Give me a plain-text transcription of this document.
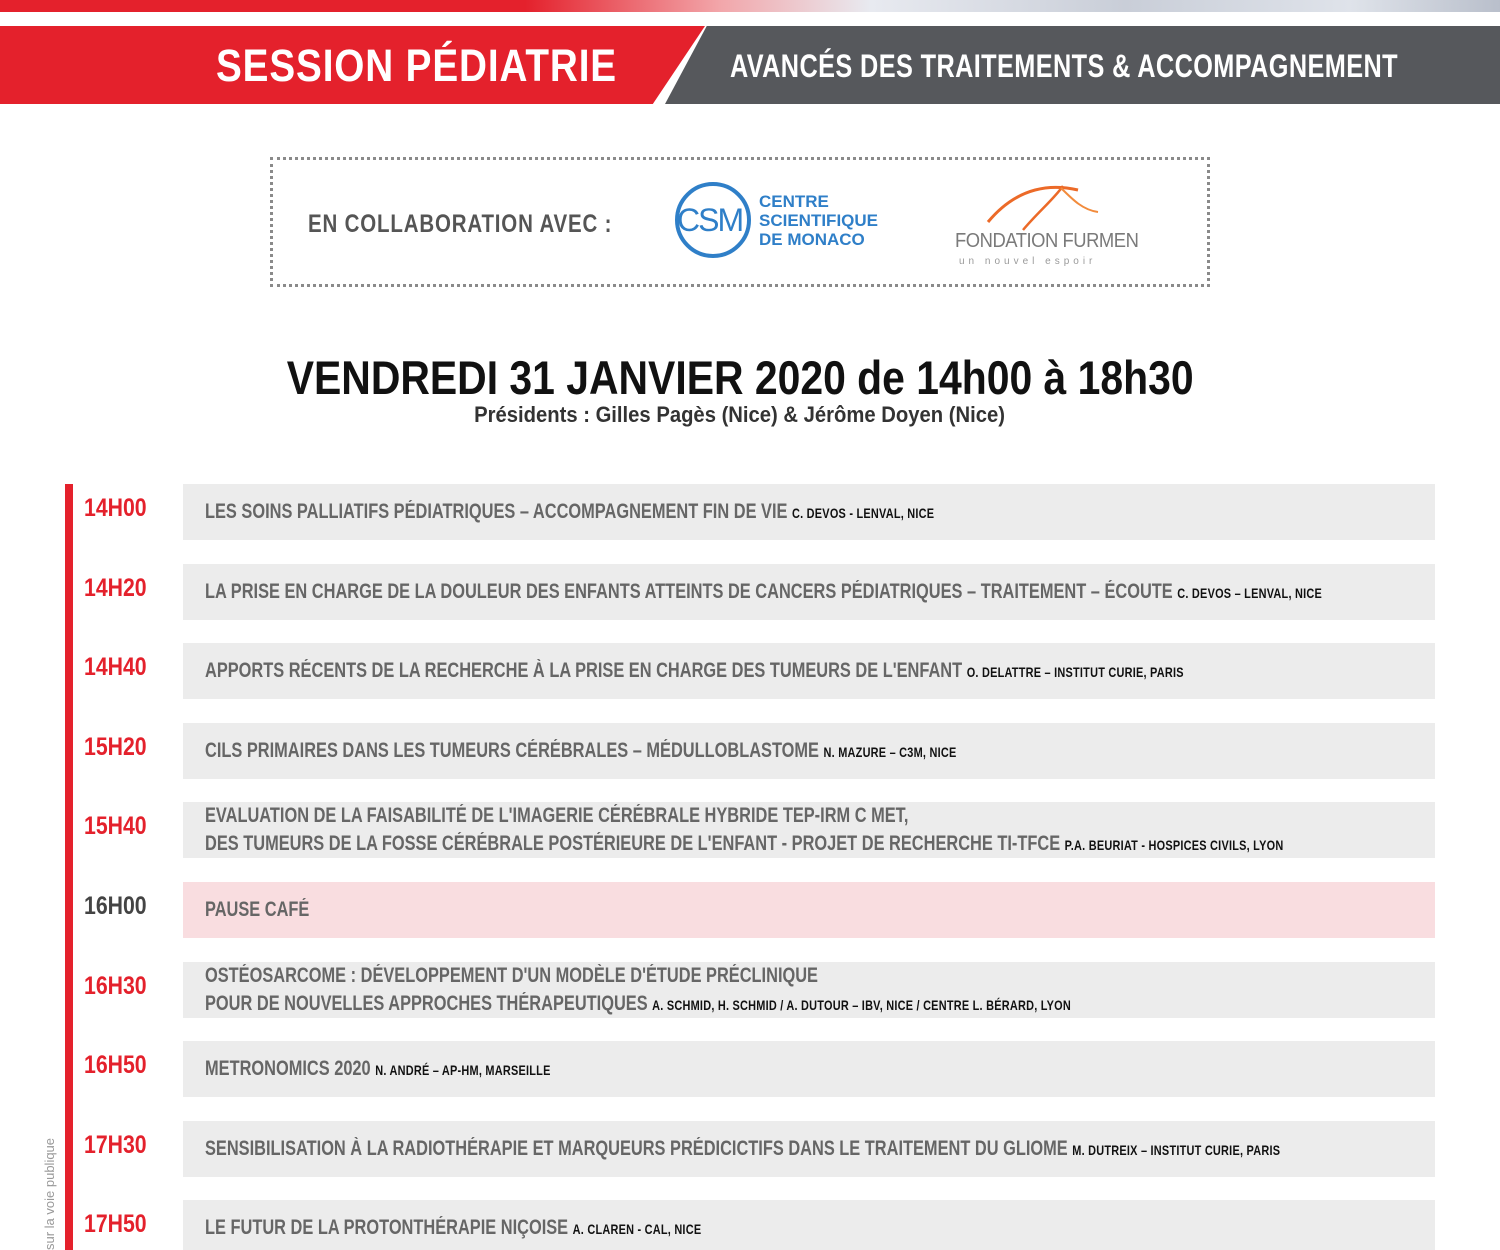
SESSION PÉDIATRIE	AVANCÉS DES TRAITEMENTS & ACCOMPAGNEMENT
EN COLLABORATION AVEC : CSM
CENTRE
SCIENTIFIQUE
DE MONACO	FONDATION FURMEN
un nouvel espoir
VENDREDI 31 JANVIER 2020 de 14h00 à 18h30
Présidents : Gilles Pagès (Nice) & Jérôme Doyen (Nice)
sur la voie publique
14H00	LES SOINS PALLIATIFS PÉDIATRIQUES – ACCOMPAGNEMENT FIN DE VIE C. DEVOS - LENVAL, NICE
14H20	LA PRISE EN CHARGE DE LA DOULEUR DES ENFANTS ATTEINTS DE CANCERS PÉDIATRIQUES – TRAITEMENT – ÉCOUTE C. DEVOS – LENVAL, NICE
14H40	APPORTS RÉCENTS DE LA RECHERCHE À LA PRISE EN CHARGE DES TUMEURS DE L'ENFANT O. DELATTRE – INSTITUT CURIE, PARIS
15H20	CILS PRIMAIRES DANS LES TUMEURS CÉRÉBRALES – MÉDULLOBLASTOME N. MAZURE – C3M, NICE
15H40	EVALUATION DE LA FAISABILITÉ DE L'IMAGERIE CÉRÉBRALE HYBRIDE TEP-IRM C MET,
DES TUMEURS DE LA FOSSE CÉRÉBRALE POSTÉRIEURE DE L'ENFANT - PROJET DE RECHERCHE TI-TFCE P.A. BEURIAT - HOSPICES CIVILS, LYON
16H00	PAUSE CAFÉ
16H30	OSTÉOSARCOME : DÉVELOPPEMENT D'UN MODÈLE D'ÉTUDE PRÉCLINIQUE
POUR DE NOUVELLES APPROCHES THÉRAPEUTIQUES A. SCHMID, H. SCHMID / A. DUTOUR – IBV, NICE / CENTRE L. BÉRARD, LYON
16H50	METRONOMICS 2020 N. ANDRÉ – AP-HM, MARSEILLE
17H30	SENSIBILISATION À LA RADIOTHÉRAPIE ET MARQUEURS PRÉDICICTIFS DANS LE TRAITEMENT DU GLIOME M. DUTREIX – INSTITUT CURIE, PARIS
17H50	LE FUTUR DE LA PROTONTHÉRAPIE NIÇOISE A. CLAREN - CAL, NICE
